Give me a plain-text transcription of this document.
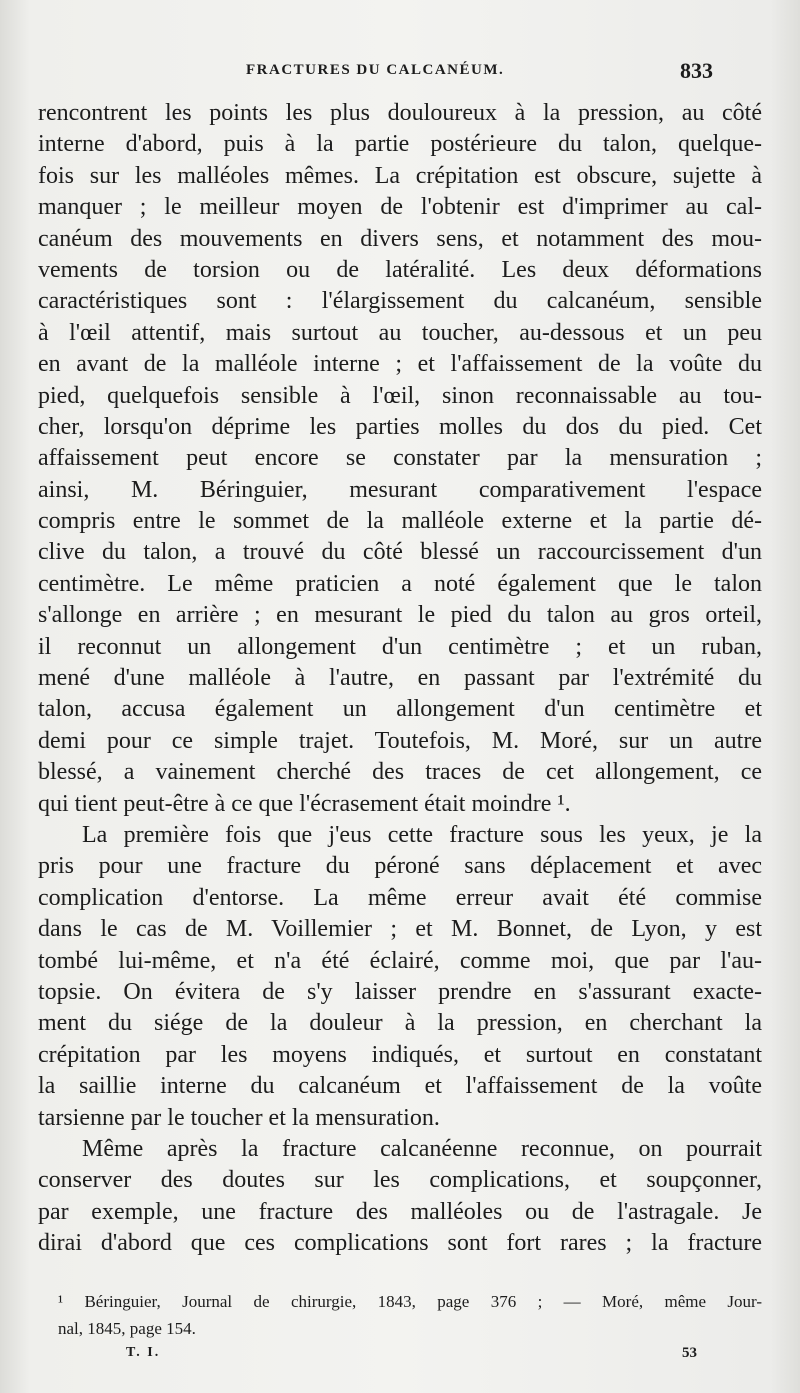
FRACTURES DU CALCANÉUM.	833
rencontrent les points les plus douloureux à la pression, au côté
interne d'abord, puis à la partie postérieure du talon, quelque-
fois sur les malléoles mêmes. La crépitation est obscure, sujette à
manquer ; le meilleur moyen de l'obtenir est d'imprimer au cal-
canéum des mouvements en divers sens, et notamment des mou-
vements de torsion ou de latéralité. Les deux déformations
caractéristiques sont : l'élargissement du calcanéum, sensible
à l'œil attentif, mais surtout au toucher, au-dessous et un peu
en avant de la malléole interne ; et l'affaissement de la voûte du
pied, quelquefois sensible à l'œil, sinon reconnaissable au tou-
cher, lorsqu'on déprime les parties molles du dos du pied. Cet
affaissement peut encore se constater par la mensuration ;
ainsi, M. Béringuier, mesurant comparativement l'espace
compris entre le sommet de la malléole externe et la partie dé-
clive du talon, a trouvé du côté blessé un raccourcissement d'un
centimètre. Le même praticien a noté également que le talon
s'allonge en arrière ; en mesurant le pied du talon au gros orteil,
il reconnut un allongement d'un centimètre ; et un ruban,
mené d'une malléole à l'autre, en passant par l'extrémité du
talon, accusa également un allongement d'un centimètre et
demi pour ce simple trajet. Toutefois, M. Moré, sur un autre
blessé, a vainement cherché des traces de cet allongement, ce
qui tient peut-être à ce que l'écrasement était moindre ¹.
La première fois que j'eus cette fracture sous les yeux, je la
pris pour une fracture du péroné sans déplacement et avec
complication d'entorse. La même erreur avait été commise
dans le cas de M. Voillemier ; et M. Bonnet, de Lyon, y est
tombé lui-même, et n'a été éclairé, comme moi, que par l'au-
topsie. On évitera de s'y laisser prendre en s'assurant exacte-
ment du siége de la douleur à la pression, en cherchant la
crépitation par les moyens indiqués, et surtout en constatant
la saillie interne du calcanéum et l'affaissement de la voûte
tarsienne par le toucher et la mensuration.
Même après la fracture calcanéenne reconnue, on pourrait
conserver des doutes sur les complications, et soupçonner,
par exemple, une fracture des malléoles ou de l'astragale. Je
dirai d'abord que ces complications sont fort rares ; la fracture
¹ Béringuier, Journal de chirurgie, 1843, page 376 ; — Moré, même Jour-
nal, 1845, page 154.
T. I.	53
